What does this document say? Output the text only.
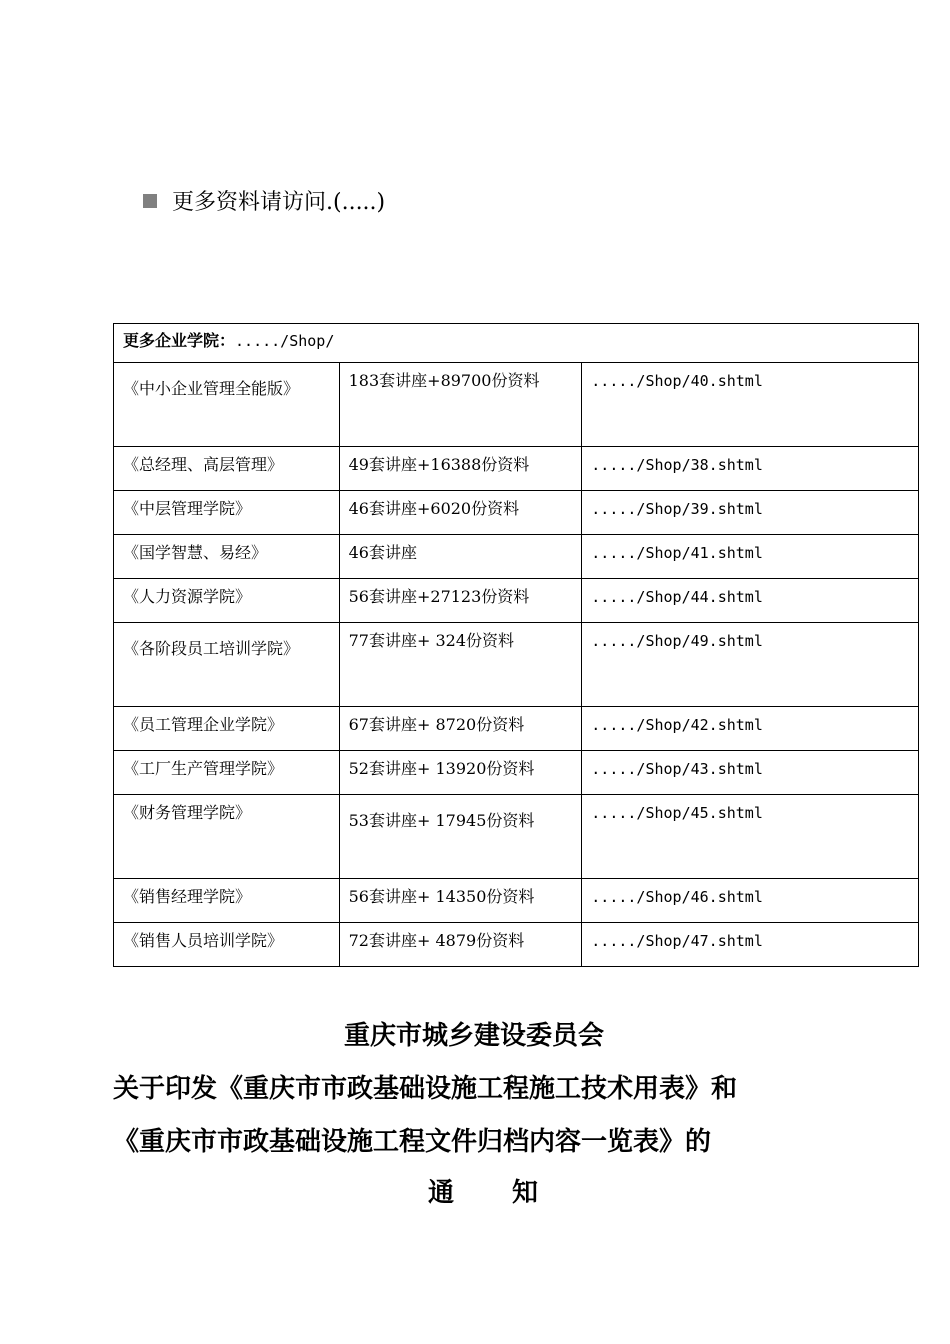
更多资料请访问.(.....)
更多企业学院：...../Shop/		
《中小企业管理全能版》	183套讲座+89700份资料	...../Shop/40.shtml
《总经理、高层管理》	49套讲座+16388份资料	...../Shop/38.shtml
《中层管理学院》	46套讲座+6020份资料	...../Shop/39.shtml
《国学智慧、易经》	46套讲座	...../Shop/41.shtml
《人力资源学院》	56套讲座+27123份资料	...../Shop/44.shtml
《各阶段员工培训学院》	77套讲座+ 324份资料	...../Shop/49.shtml
《员工管理企业学院》	67套讲座+ 8720份资料	...../Shop/42.shtml
《工厂生产管理学院》	52套讲座+ 13920份资料	...../Shop/43.shtml
《财务管理学院》	53套讲座+ 17945份资料	...../Shop/45.shtml
《销售经理学院》	56套讲座+ 14350份资料	...../Shop/46.shtml
《销售人员培训学院》	72套讲座+ 4879份资料	...../Shop/47.shtml
重庆市城乡建设委员会
关于印发《重庆市市政基础设施工程施工技术用表》和
《重庆市市政基础设施工程文件归档内容一览表》的
通知
